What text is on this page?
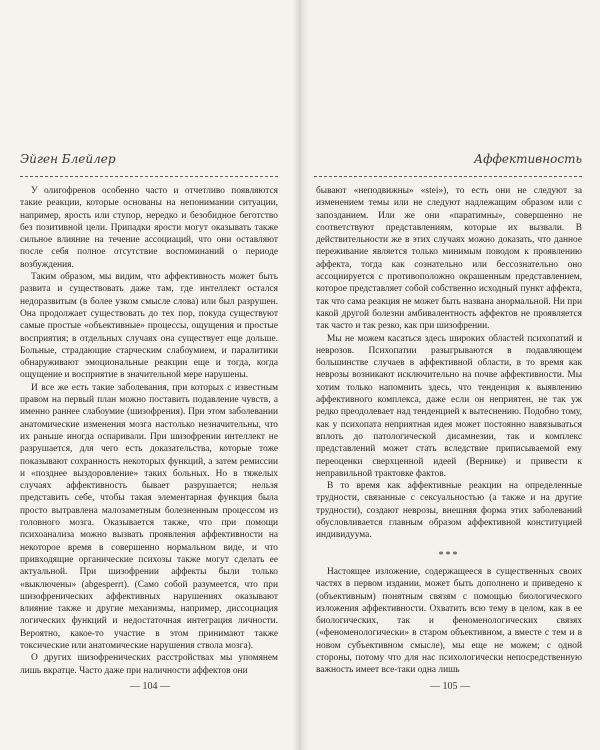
Эйген Блейлер

У олигофренов особенно часто и отчетливо появляются такие реакции, которые основаны на непонимании ситуации, например, ярость или ступор, нередко и безобидное беготство без позитивной цели. Припадки ярости могут оказывать также сильное влияние на течение ассоциаций, что они оставляют после себя полное отсутствие воспоминаний о периоде возбуждения.

Таким образом, мы видим, что аффективность может быть развита и существовать даже там, где интеллект остался недоразвитым (в более узком смысле слова) или был разрушен. Она продолжает существовать до тех пор, покуда существуют самые простые «объективные» процессы, ощущения и простые восприятия; в отдельных случаях она существует еще дольше. Больные, страдающие старческим слабоумием, и паралитики обнаруживают эмоциональные реакции еще и тогда, когда ощущение и восприятие в значительной мере нарушены.

И все же есть такие заболевания, при которых с известным правом на первый план можно поставить подавление чувств, а именно раннее слабоумие (шизофрения). При этом заболевании анатомические изменения мозга настолько незначительны, что их раньше иногда оспаривали. При шизофрении интеллект не разрушается, для чего есть доказательства, которые тоже показывают сохранность некоторых функций, а затем ремиссии и «позднее выздоровление» таких больных. Но в тяжелых случаях аффективность бывает разрушается; нельзя представить себе, чтобы такая элементарная функция была просто вытравлена малозаметным болезненным процессом из головного мозга. Оказывается также, что при помощи психоанализа можно вызвать проявления аффективности на некоторое время в совершенно нормальном виде, и что привходящие органические психозы также могут сделать ее актуальной. При шизофрении аффекты были только «выключены» (abgesperrt). (Само собой разумеется, что при шизофренических аффективных нарушениях оказывают влияние также и другие механизмы, например, диссоциация логических функций и недостаточная интеграция личности. Вероятно, какое-то участие в этом принимают также токсические или анатомические нарушения ствола мозга).

О других шизофренических расстройствах мы упомянем лишь вкратце. Часто даже при наличности аффектов они

— 104 —
Аффективность

бывают «неподвижны» «stei»), то есть они не следуют за изменением темы или не следуют надлежащим образом или с запозданием. Или же они «паратимны», совершенно не соответствуют представлениям, которые их вызвали. В действительности же в этих случаях можно доказать, что данное переживание является только минимым поводом к проявлению аффекта, тогда как сознательно или бессознательно оно ассоциируется с противоположно окрашенным представлением, которое представляет собой собственно исходный пункт аффекта, так что сама реакция не может быть названа анормальной. Ни при какой другой болезни амбивалентность аффектов не проявляется так часто и так резко, как при шизофрении.

Мы не можем касаться здесь широких областей психопатий и неврозов. Психопатии разыгрываются в подавляющем большинстве случаев в аффективной области, в то время как неврозы возникают исключительно на почве аффективности. Мы хотим только напомнить здесь, что тенденция к выявлению аффективного комплекса, даже если он неприятен, не так уж редко преодолевает над тенденцией к вытеснению. Подобно тому, как у психопата неприятная идея может постоянно навязываться вплоть до патологической дисамнезии, так и комплекс представлений может стать вследствие приписываемой ему переоценки сверхценной идеей (Вернике) и привести к неправильной трактовке фактов.

В то время как аффективные реакции на определенные трудности, связанные с сексуальностью (а также и на другие трудности), создают неврозы, внешняя форма этих заболеваний обусловливается главным образом аффективной конституцией индивидуума.

***

Настоящее изложение, содержащееся в существенных своих частях в первом издании, может быть дополнено и приведено к (объективным) понятным связям с помощью биологического изложения аффективности. Охватить всю тему в целом, как в ее биологических, так и феноменологических связях («феноменологически» в старом объективном, а вместе с тем и в новом субъективном смысле), мы еще не можем; с одной стороны, потому что для нас психологически непосредственную важность имеет все-таки одна лишь

— 105 —
